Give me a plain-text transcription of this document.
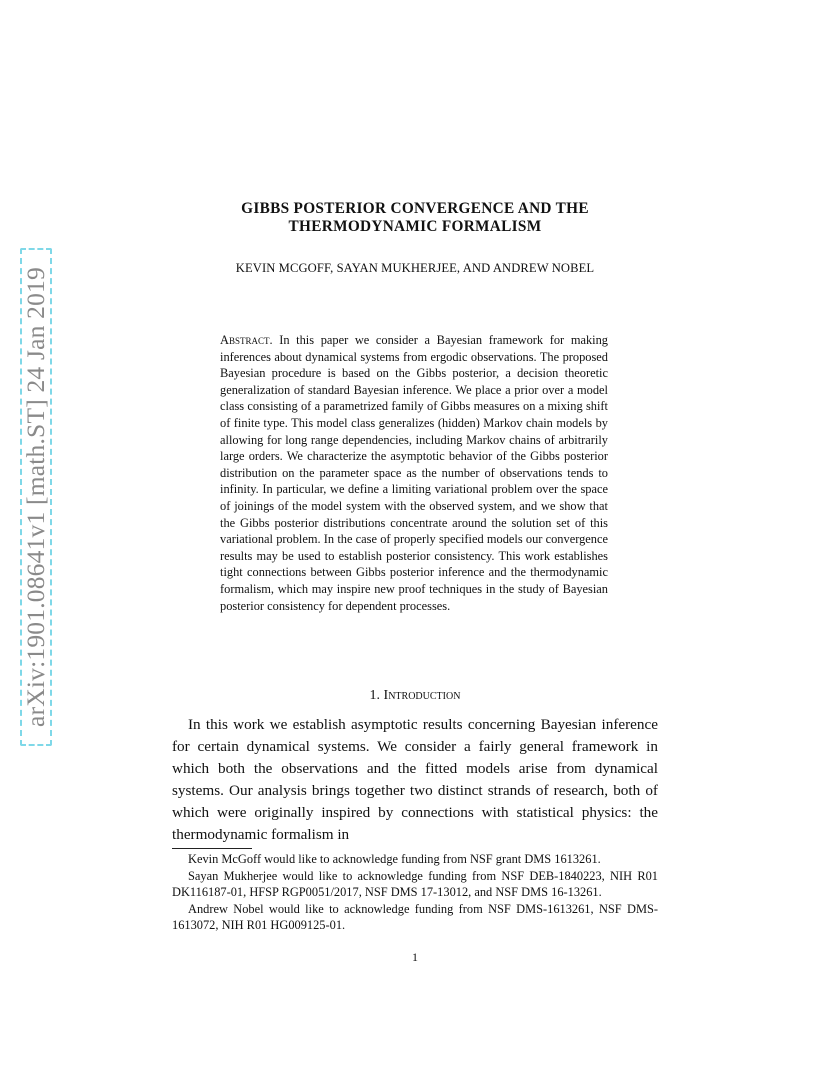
arXiv:1901.08641v1 [math.ST] 24 Jan 2019
GIBBS POSTERIOR CONVERGENCE AND THE THERMODYNAMIC FORMALISM
KEVIN MCGOFF, SAYAN MUKHERJEE, AND ANDREW NOBEL
Abstract. In this paper we consider a Bayesian framework for making inferences about dynamical systems from ergodic observations. The proposed Bayesian procedure is based on the Gibbs posterior, a decision theoretic generalization of standard Bayesian inference. We place a prior over a model class consisting of a parametrized family of Gibbs measures on a mixing shift of finite type. This model class generalizes (hidden) Markov chain models by allowing for long range dependencies, including Markov chains of arbitrarily large orders. We characterize the asymptotic behavior of the Gibbs posterior distribution on the parameter space as the number of observations tends to infinity. In particular, we define a limiting variational problem over the space of joinings of the model system with the observed system, and we show that the Gibbs posterior distributions concentrate around the solution set of this variational problem. In the case of properly specified models our convergence results may be used to establish posterior consistency. This work establishes tight connections between Gibbs posterior inference and the thermodynamic formalism, which may inspire new proof techniques in the study of Bayesian posterior consistency for dependent processes.
1. Introduction
In this work we establish asymptotic results concerning Bayesian inference for certain dynamical systems. We consider a fairly general framework in which both the observations and the fitted models arise from dynamical systems. Our analysis brings together two distinct strands of research, both of which were originally inspired by connections with statistical physics: the thermodynamic formalism in

Kevin McGoff would like to acknowledge funding from NSF grant DMS 1613261.

Sayan Mukherjee would like to acknowledge funding from NSF DEB-1840223, NIH R01 DK116187-01, HFSP RGP0051/2017, NSF DMS 17-13012, and NSF DMS 16-13261.

Andrew Nobel would like to acknowledge funding from NSF DMS-1613261, NSF DMS-1613072, NIH R01 HG009125-01.

1
